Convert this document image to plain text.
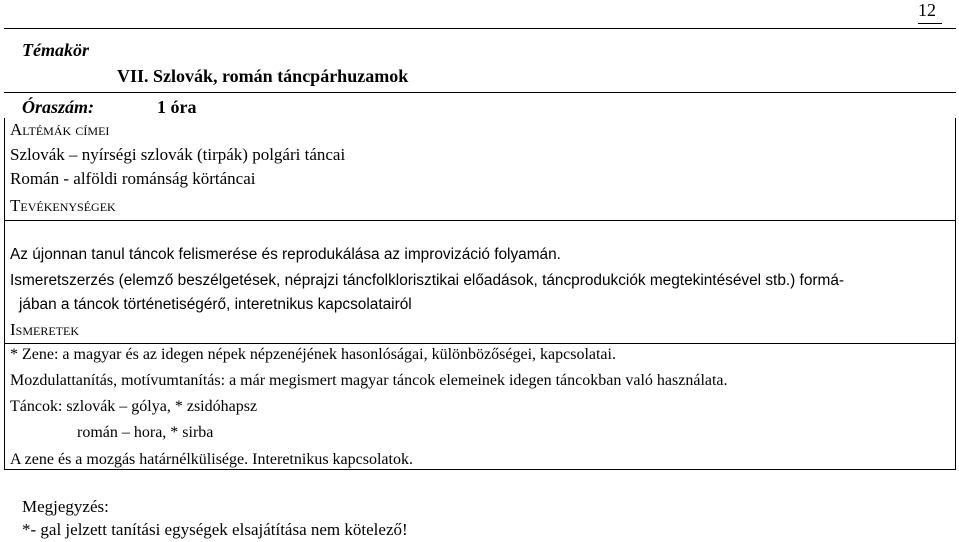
12
Témakör
VII. Szlovák, román táncpárhuzamok
Óraszám:	1 óra
Altémák címei
Szlovák – nyírségi szlovák (tirpák) polgári táncai
Román - alföldi románság körtáncai
Tevékenységek
Az újonnan tanul táncok felismerése és reprodukálása az improvizáció folyamán.
Ismeretszerzés (elemző beszélgetések, néprajzi táncfolklorisztikai előadások, táncprodukciók megtekintésével stb.) formá-
jában a táncok történetiségérő, interetnikus kapcsolatairól
Ismeretek
* Zene: a magyar és az idegen népek népzenéjének hasonlóságai, különbözőségei, kapcsolatai.
Mozdulattanítás, motívumtanítás: a már megismert magyar táncok elemeinek idegen táncokban való használata.
Táncok: szlovák – gólya, * zsidóhapsz
román – hora, * sirba
A zene és a mozgás határnélkülisége. Interetnikus kapcsolatok.
Megjegyzés:
*- gal jelzett tanítási egységek elsajátítása nem kötelező!
